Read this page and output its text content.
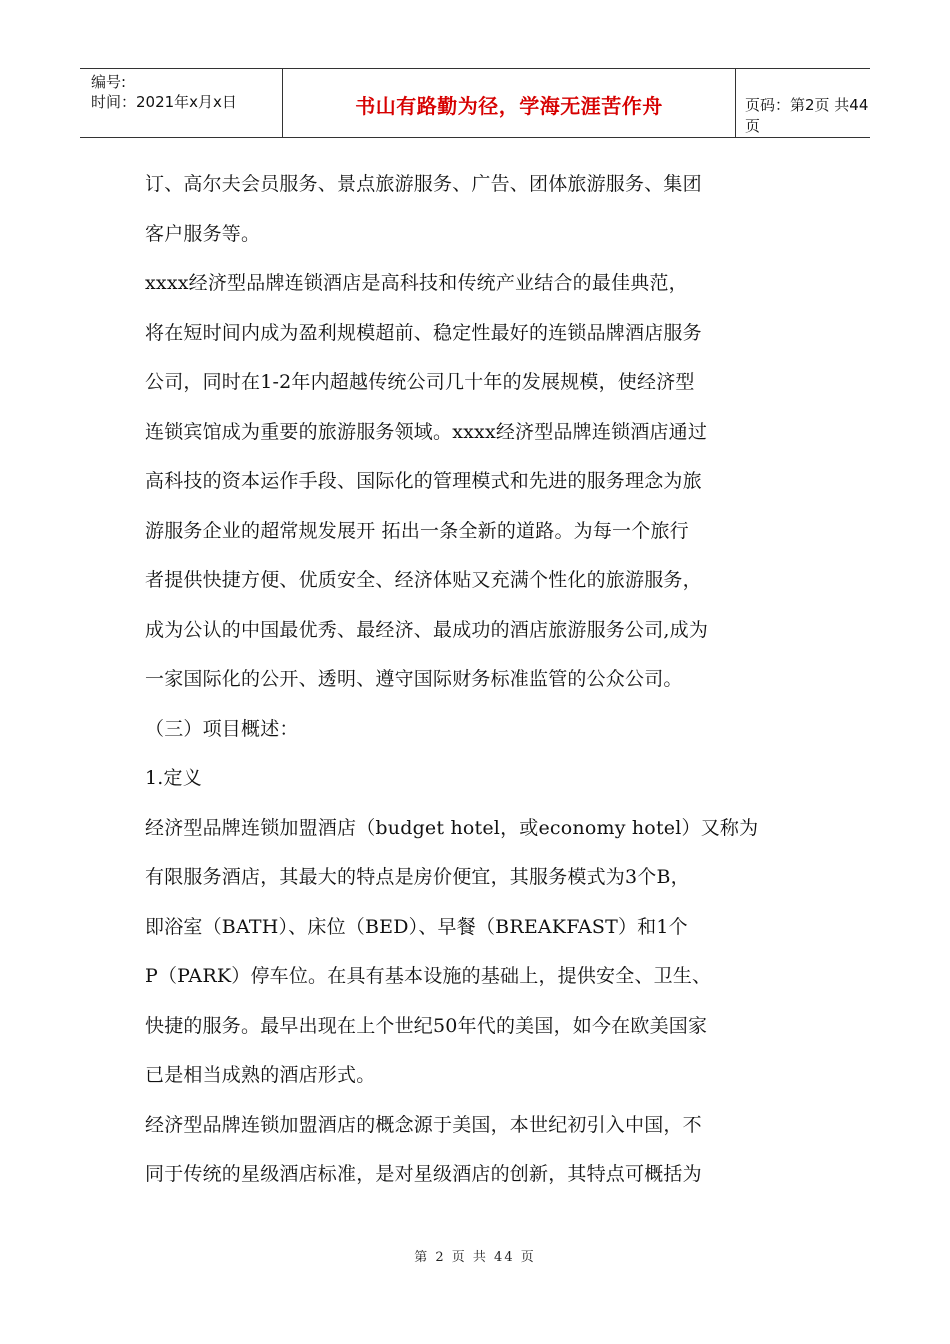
编号:
时间：2021年x月x日	书山有路勤为径，学海无涯苦作舟	页码：第2页 共44页
订、高尔夫会员服务、景点旅游服务、广告、团体旅游服务、集团
客户服务等。
xxxx经济型品牌连锁酒店是高科技和传统产业结合的最佳典范，
将在短时间内成为盈利规模超前、稳定性最好的连锁品牌酒店服务
公司，同时在1-2年内超越传统公司几十年的发展规模，使经济型
连锁宾馆成为重要的旅游服务领域。xxxx经济型品牌连锁酒店通过
高科技的资本运作手段、国际化的管理模式和先进的服务理念为旅
游服务企业的超常规发展开 拓出一条全新的道路。为每一个旅行
者提供快捷方便、优质安全、经济体贴又充满个性化的旅游服务，
成为公认的中国最优秀、最经济、最成功的酒店旅游服务公司,成为
一家国际化的公开、透明、遵守国际财务标准监管的公众公司。
（三）项目概述：
1.定义
经济型品牌连锁加盟酒店（budget hotel，或economy hotel）又称为
有限服务酒店，其最大的特点是房价便宜，其服务模式为3个B，
即浴室（BATH）、床位（BED）、早餐（BREAKFAST）和1个
P（PARK）停车位。在具有基本设施的基础上，提供安全、卫生、
快捷的服务。最早出现在上个世纪50年代的美国，如今在欧美国家
已是相当成熟的酒店形式。
经济型品牌连锁加盟酒店的概念源于美国，本世纪初引入中国，不
同于传统的星级酒店标准，是对星级酒店的创新，其特点可概括为
第 2 页 共 44 页
